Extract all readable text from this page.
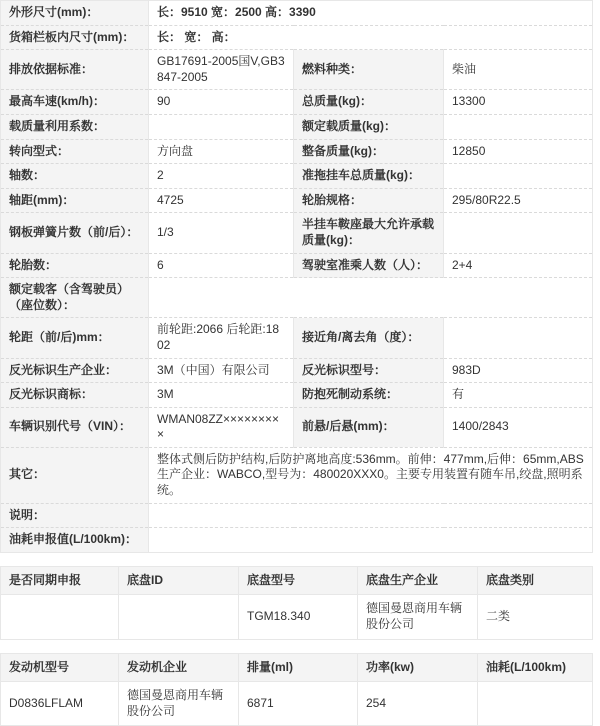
外形尺寸(mm)：	长：9510 宽：2500 高：3390		
货箱栏板内尺寸(mm)：	长： 宽： 高：		
排放依据标准：	GB17691-2005国V,GB3847-2005	燃料种类：	柴油
最高车速(km/h)：	90	总质量(kg)：	13300
载质量利用系数：		额定载质量(kg)：	
转向型式：	方向盘	整备质量(kg)：	12850
轴数：	2	准拖挂车总质量(kg)：	
轴距(mm)：	4725	轮胎规格：	295/80R22.5
钢板弹簧片数（前/后）：	1/3	半挂车鞍座最大允许承载质量(kg)：	
轮胎数：	6	驾驶室准乘人数（人）：	2+4
额定载客（含驾驶员）（座位数）：			
轮距（前/后)mm：	前轮距:2066 后轮距:1802	接近角/离去角（度）：	
反光标识生产企业：	3M（中国）有限公司	反光标识型号：	983D
反光标识商标：	3M	防抱死制动系统：	有
车辆识别代号（VIN）：	WMAN08ZZ×××××××××	前悬/后悬(mm)：	1400/2843
其它：	整体式侧后防护结构,后防护离地高度:536mm。前伸：477mm,后伸：65mm,ABS生产企业：WABCO,型号为：480020XXX0。主要专用装置有随车吊,绞盘,照明系统。		
说明：			
油耗申报值(L/100km)：			
是否同期申报	底盘ID	底盘型号	底盘生产企业	底盘类别
		TGM18.340	德国曼恩商用车辆股份公司	二类
发动机型号	发动机企业	排量(ml)	功率(kw)	油耗(L/100km)
D0836LFLAM	德国曼恩商用车辆股份公司	6871	254	
